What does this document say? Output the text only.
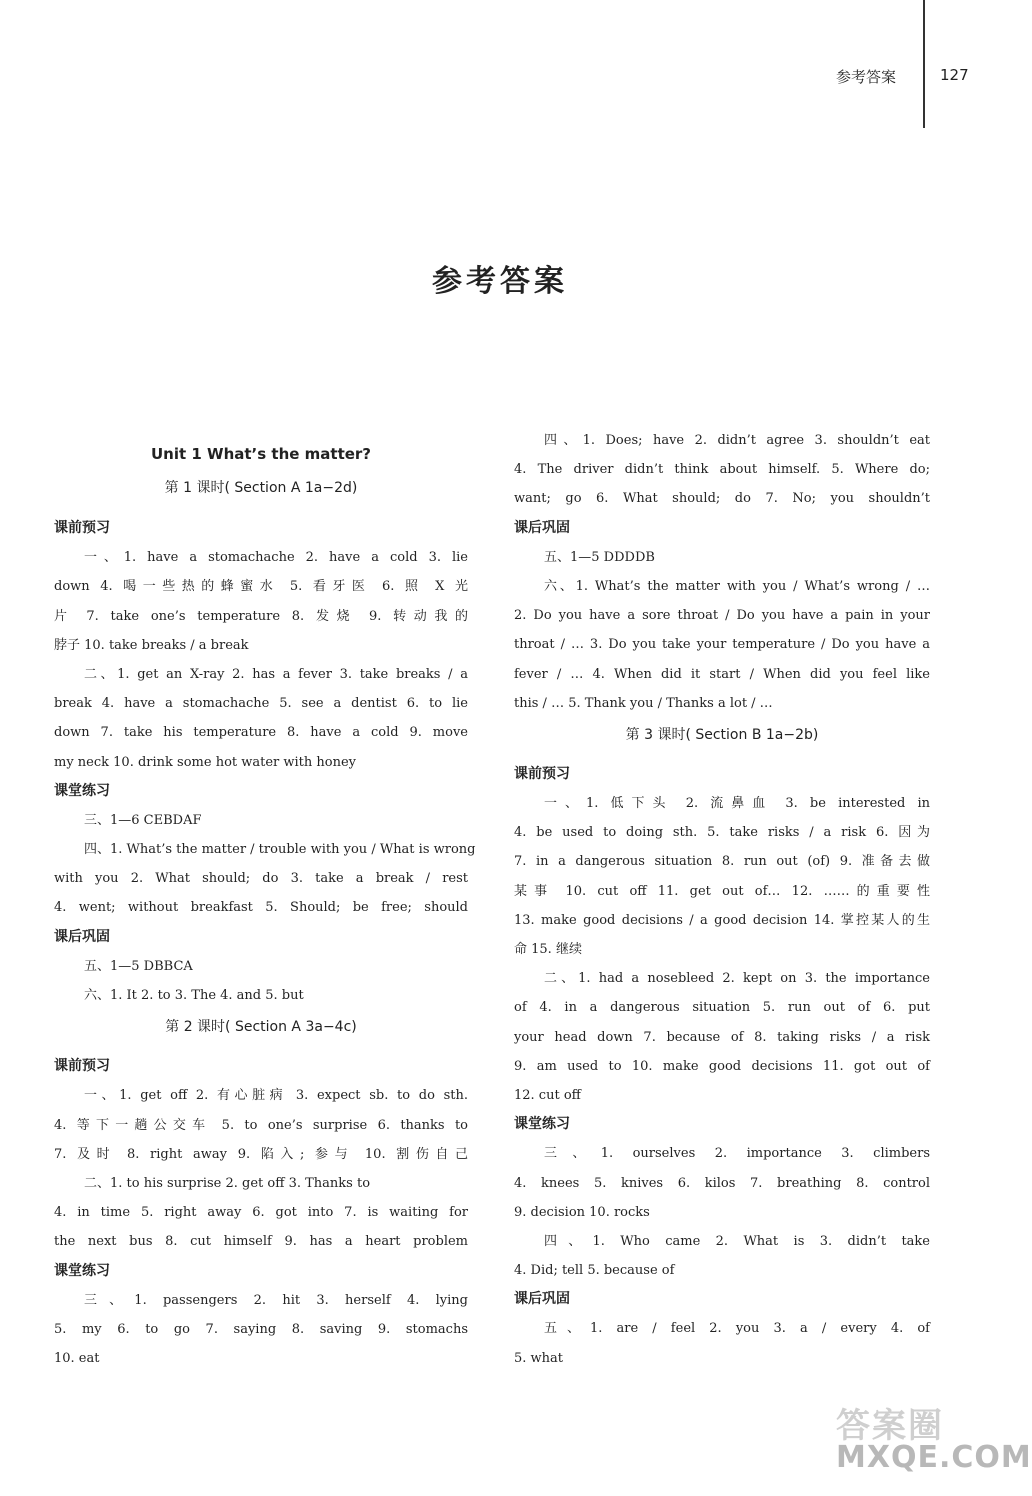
参考答案	127
参考答案
Unit 1 What’s the matter?
第 1 课时( Section A 1a−2d)
课前预习
一、1. have a stomachache 2. have a cold 3. lie
down 4. 喝一些热的蜂蜜水 5. 看牙医 6. 照 X 光
片 7. take one’s temperature 8. 发烧 9. 转动我的
脖子 10. take breaks / a break
二、1. get an X-ray 2. has a fever 3. take breaks / a
break 4. have a stomachache 5. see a dentist 6. to lie
down 7. take his temperature 8. have a cold 9. move
my neck 10. drink some hot water with honey
课堂练习
三、1—6 CEBDAF
四、1. What’s the matter / trouble with you / What is wrong
with you 2. What should; do 3. take a break / rest
4. went; without breakfast 5. Should; be free; should
课后巩固
五、1—5 DBBCA
六、1. It 2. to 3. The 4. and 5. but
第 2 课时( Section A 3a−4c)
课前预习
一、1. get off 2. 有心脏病 3. expect sb. to do sth.
4. 等下一趟公交车 5. to one’s surprise 6. thanks to
7. 及时 8. right away 9. 陷入; 参与 10. 割伤自己
二、1. to his surprise 2. get off 3. Thanks to
4. in time 5. right away 6. got into 7. is waiting for
the next bus 8. cut himself 9. has a heart problem
课堂练习
三、1. passengers 2. hit 3. herself 4. lying
5. my 6. to go 7. saying 8. saving 9. stomachs
10. eat
四、1. Does; have 2. didn’t agree 3. shouldn’t eat
4. The driver didn’t think about himself. 5. Where do;
want; go 6. What should; do 7. No; you shouldn’t
课后巩固
五、1—5 DDDDB
六、1. What’s the matter with you / What’s wrong / …
2. Do you have a sore throat / Do you have a pain in your
throat / … 3. Do you take your temperature / Do you have a
fever / … 4. When did it start / When did you feel like
this / … 5. Thank you / Thanks a lot / …
第 3 课时( Section B 1a−2b)
课前预习
一、1. 低下头 2. 流鼻血 3. be interested in
4. be used to doing sth. 5. take risks / a risk 6. 因为
7. in a dangerous situation 8. run out (of) 9. 准备去做
某事 10. cut off 11. get out of… 12. ……的重要性
13. make good decisions / a good decision 14. 掌控某人的生
命 15. 继续
二、1. had a nosebleed 2. kept on 3. the importance
of 4. in a dangerous situation 5. run out of 6. put
your head down 7. because of 8. taking risks / a risk
9. am used to 10. make good decisions 11. got out of
12. cut off
课堂练习
三、1. ourselves 2. importance 3. climbers
4. knees 5. knives 6. kilos 7. breathing 8. control
9. decision 10. rocks
四、1. Who came 2. What is 3. didn’t take
4. Did; tell 5. because of
课后巩固
五、1. are / feel 2. you 3. a / every 4. of
5. what
答案圈
MXQE.COM
